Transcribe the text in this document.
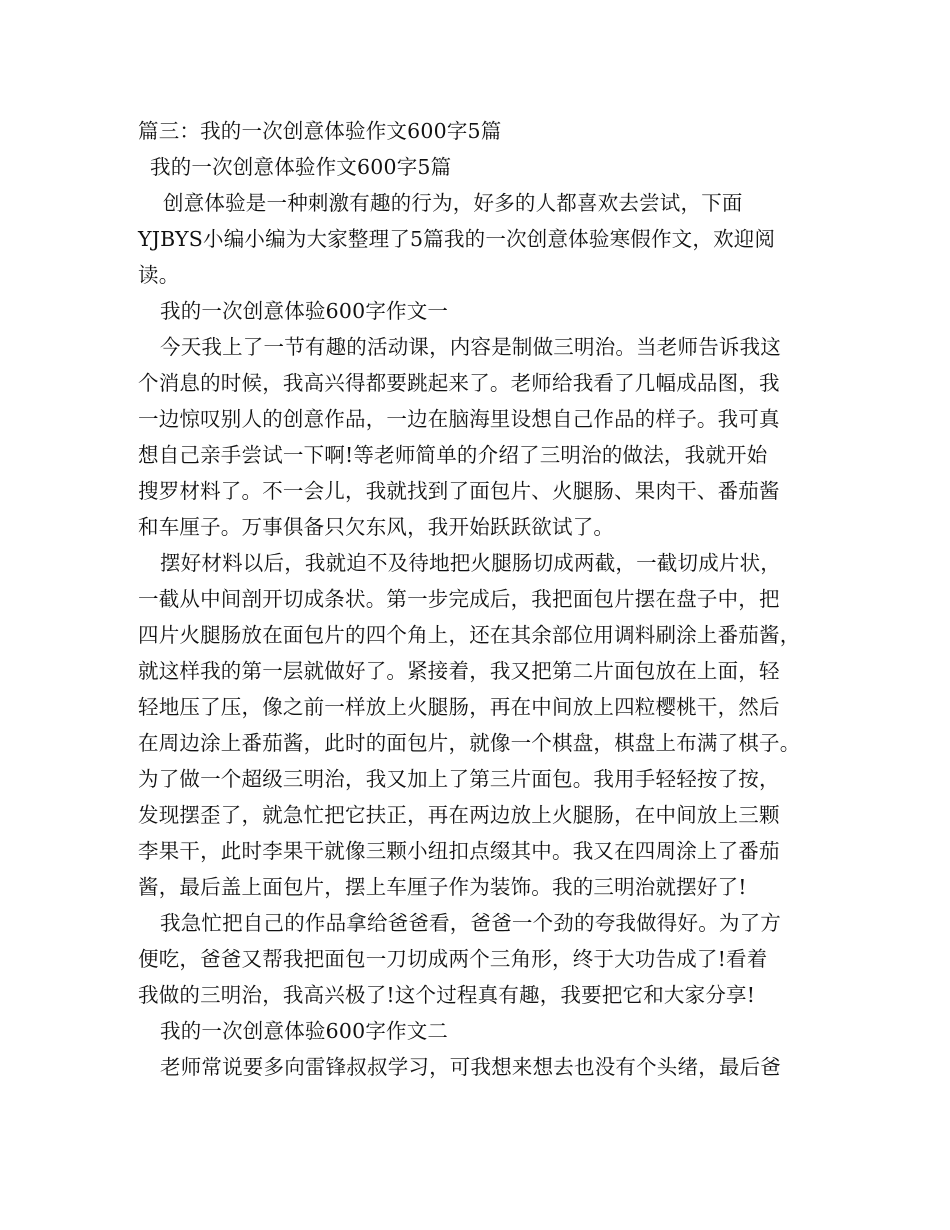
篇三：我的一次创意体验作文600字5篇
我的一次创意体验作文600字5篇
创意体验是一种刺激有趣的行为，好多的人都喜欢去尝试，下面
YJBYS小编小编为大家整理了5篇我的一次创意体验寒假作文，欢迎阅
读。
我的一次创意体验600字作文一
今天我上了一节有趣的活动课，内容是制做三明治。当老师告诉我这
个消息的时候，我高兴得都要跳起来了。老师给我看了几幅成品图，我
一边惊叹别人的创意作品，一边在脑海里设想自己作品的样子。我可真
想自己亲手尝试一下啊!等老师简单的介绍了三明治的做法，我就开始
搜罗材料了。不一会儿，我就找到了面包片、火腿肠、果肉干、番茄酱
和车厘子。万事俱备只欠东风，我开始跃跃欲试了。
摆好材料以后，我就迫不及待地把火腿肠切成两截，一截切成片状，
一截从中间剖开切成条状。第一步完成后，我把面包片摆在盘子中，把
四片火腿肠放在面包片的四个角上，还在其余部位用调料刷涂上番茄酱，
就这样我的第一层就做好了。紧接着，我又把第二片面包放在上面，轻
轻地压了压，像之前一样放上火腿肠，再在中间放上四粒樱桃干，然后
在周边涂上番茄酱，此时的面包片，就像一个棋盘，棋盘上布满了棋子。
为了做一个超级三明治，我又加上了第三片面包。我用手轻轻按了按，
发现摆歪了，就急忙把它扶正，再在两边放上火腿肠，在中间放上三颗
李果干，此时李果干就像三颗小纽扣点缀其中。我又在四周涂上了番茄
酱，最后盖上面包片，摆上车厘子作为装饰。我的三明治就摆好了!
我急忙把自己的作品拿给爸爸看，爸爸一个劲的夸我做得好。为了方
便吃，爸爸又帮我把面包一刀切成两个三角形，终于大功告成了!看着
我做的三明治，我高兴极了!这个过程真有趣，我要把它和大家分享!
我的一次创意体验600字作文二
老师常说要多向雷锋叔叔学习，可我想来想去也没有个头绪，最后爸
